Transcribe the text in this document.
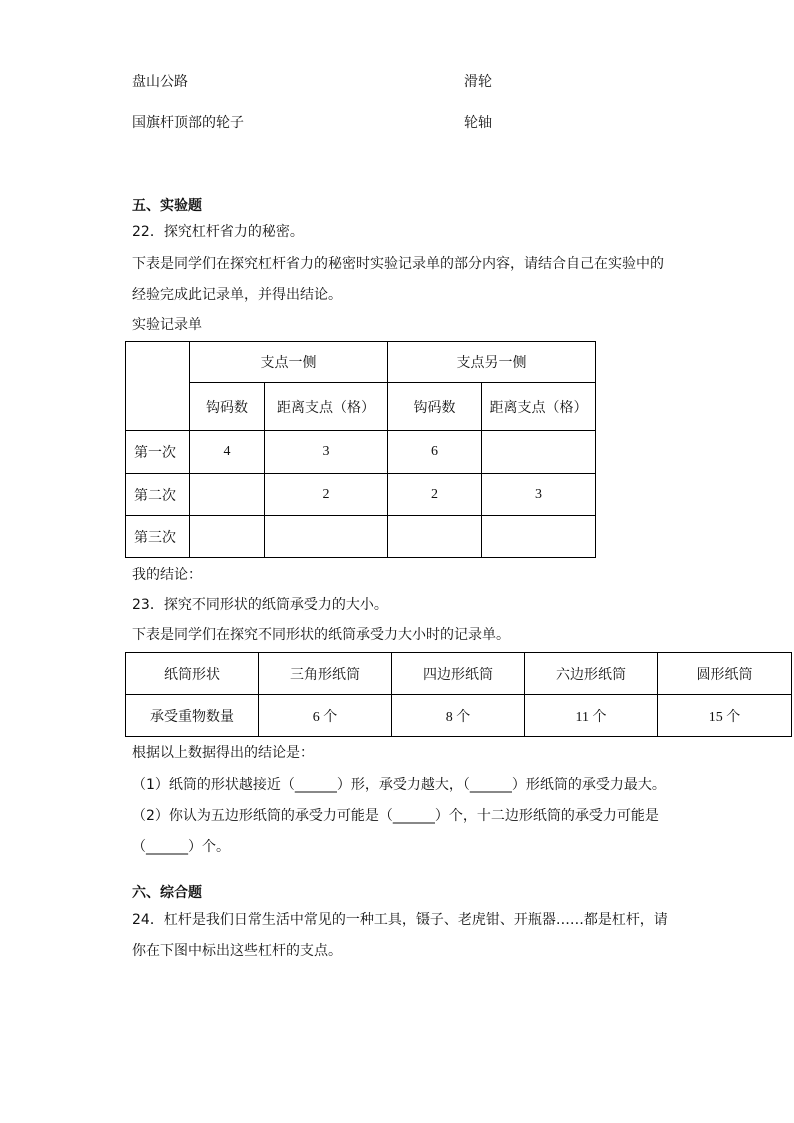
盘山公路	滑轮
国旗杆顶部的轮子	轮轴
五、实验题
22．探究杠杆省力的秘密。
下表是同学们在探究杠杆省力的秘密时实验记录单的部分内容，请结合自己在实验中的
经验完成此记录单，并得出结论。
实验记录单
	支点一侧		支点另一侧	
	钩码数	距离支点（格）	钩码数	距离支点（格）
第一次	4	3	6	
第二次		2	2	3
第三次				
我的结论：
23．探究不同形状的纸筒承受力的大小。
下表是同学们在探究不同形状的纸筒承受力大小时的记录单。
纸筒形状	三角形纸筒	四边形纸筒	六边形纸筒	圆形纸筒
承受重物数量	6 个	8 个	11 个	15 个
根据以上数据得出的结论是：
（1）纸筒的形状越接近（______）形，承受力越大，（______）形纸筒的承受力最大。
（2）你认为五边形纸筒的承受力可能是（______）个，十二边形纸筒的承受力可能是
（______）个。
六、综合题
24．杠杆是我们日常生活中常见的一种工具，镊子、老虎钳、开瓶器……都是杠杆，请
你在下图中标出这些杠杆的支点。
